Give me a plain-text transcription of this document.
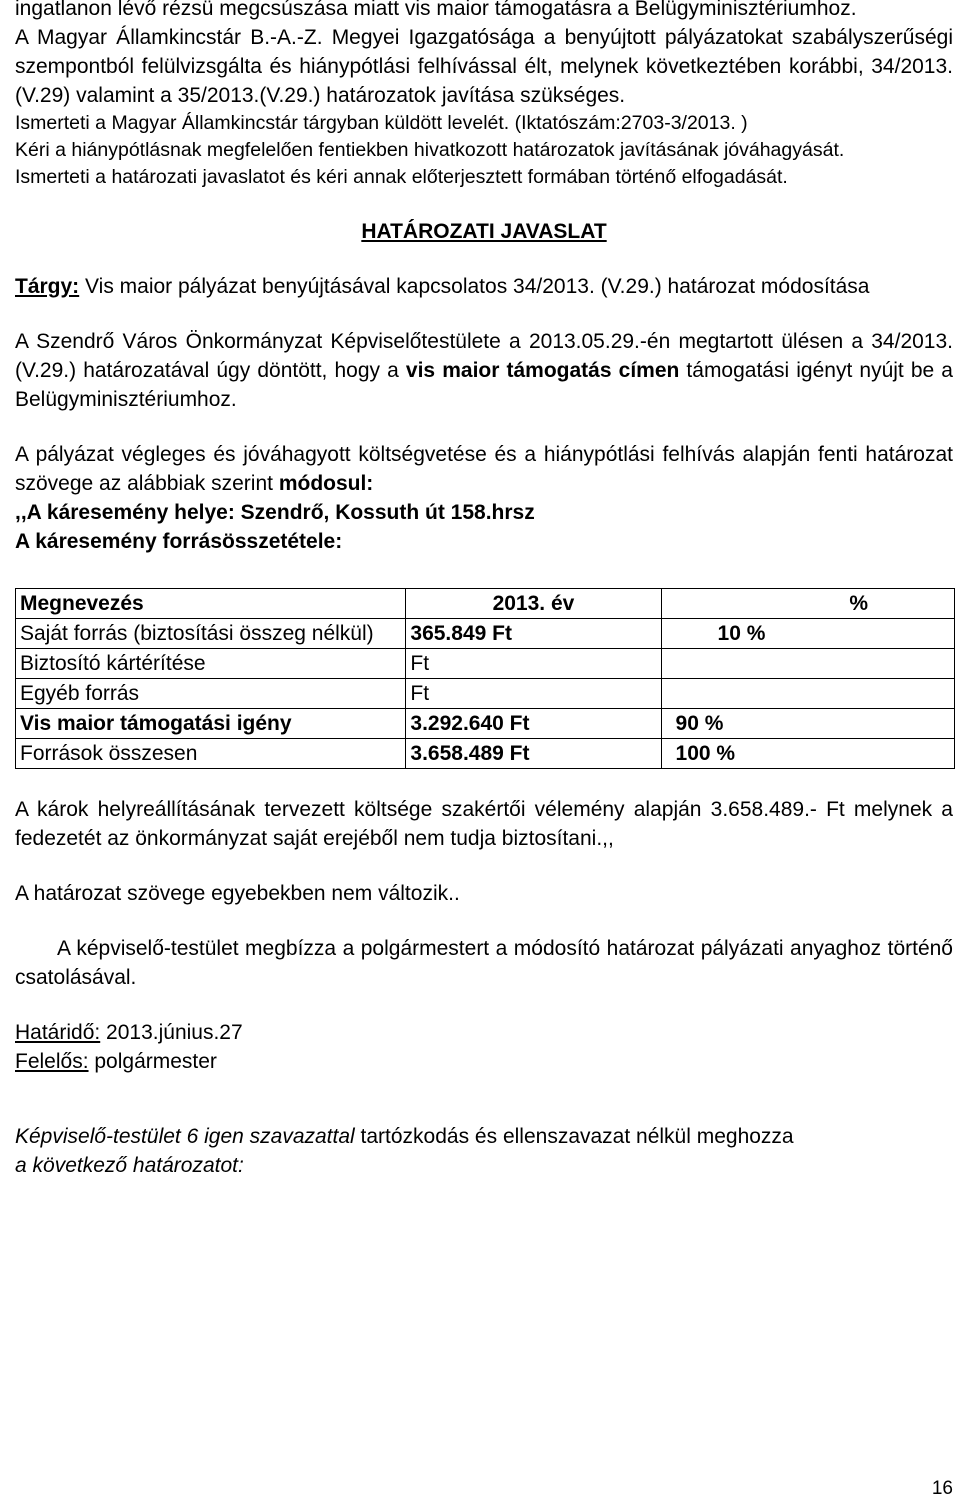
ingatlanon lévő rézsü megcsúszása miatt vis maior támogatásra a Belügyminisztériumhoz.

A Magyar Államkincstár B.-A.-Z. Megyei Igazgatósága a benyújtott pályázatokat szabályszerűségi szempontból felülvizsgálta és hiánypótlási felhívással élt, melynek következtében korábbi, 34/2013.(V.29) valamint a 35/2013.(V.29.) határozatok javítása szükséges.

Ismerteti a Magyar Államkincstár tárgyban küldött levelét. (Iktatószám:2703-3/2013. )

Kéri a hiánypótlásnak megfelelően fentiekben hivatkozott határozatok javításának jóváhagyását.

Ismerteti a határozati javaslatot és kéri annak előterjesztett formában történő elfogadását.

HATÁROZATI JAVASLAT

Tárgy: Vis maior pályázat benyújtásával kapcsolatos 34/2013. (V.29.) határozat módosítása

A Szendrő Város Önkormányzat Képviselőtestülete a 2013.05.29.-én megtartott ülésen a 34/2013. (V.29.) határozatával úgy döntött, hogy a vis maior támogatás címen támogatási igényt nyújt be a Belügyminisztériumhoz.

A pályázat végleges és jóváhagyott költségvetése és a hiánypótlási felhívás alapján fenti határozat szövege az alábbiak szerint módosul:

,,A káresemény helye: Szendrő, Kossuth út 158.hrsz

A káresemény forrásösszetétele:

Megnevezés	2013. év	%
Saját forrás (biztosítási összeg nélkül)	365.849 Ft	10 %
Biztosító kártérítése	Ft	
Egyéb forrás	Ft	
Vis maior támogatási igény	3.292.640 Ft	90 %
Források összesen	3.658.489 Ft	100 %

A károk helyreállításának tervezett költsége szakértői vélemény alapján 3.658.489.- Ft melynek a fedezetét az önkormányzat saját erejéből nem tudja biztosítani.,,

A határozat szövege egyebekben nem változik..

A képviselő-testület megbízza a polgármestert a módosító határozat pályázati anyaghoz történő csatolásával.

Határidő: 2013.június.27

Felelős: polgármester

Képviselő-testület 6 igen szavazattal tartózkodás és ellenszavazat nélkül meghozza
a következő határozatot:

16
